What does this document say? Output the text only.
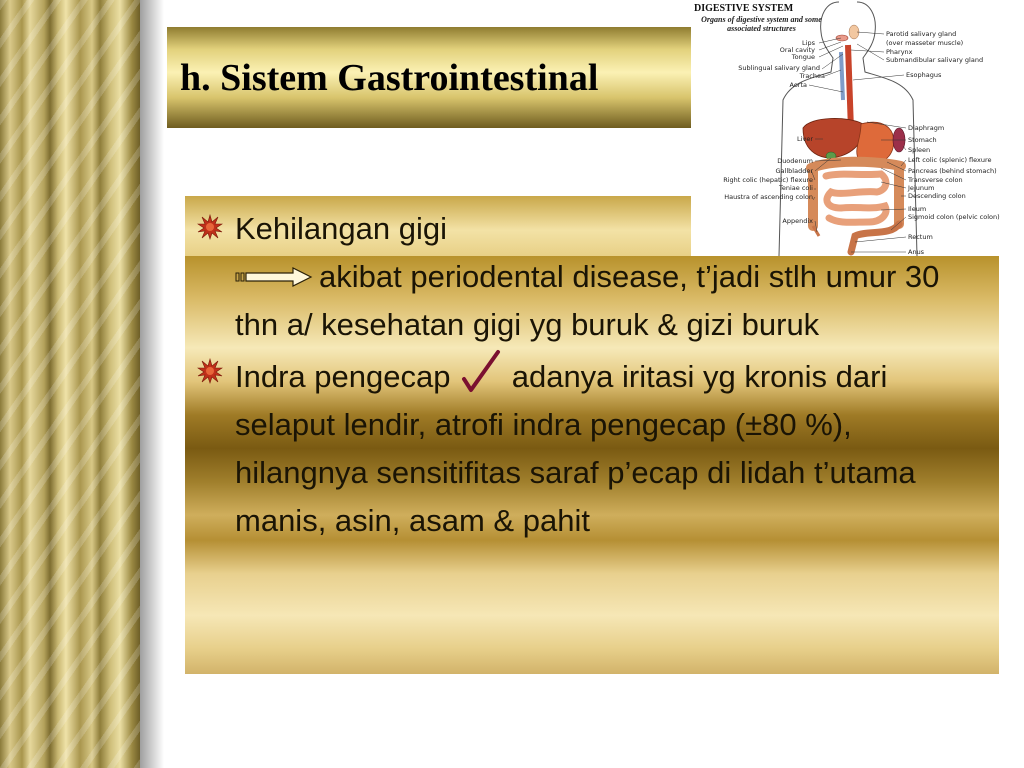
h. Sistem Gastrointestinal
Kehilangan gigi
akibat periodental disease, t’jadi stlh umur 30 thn a/ kesehatan gigi yg buruk & gizi buruk
Indra pengecap adanya iritasi yg kronis dari selaput lendir, atrofi indra pengecap (±80 %), hilangnya sensitifitas saraf p’ecap di lidah t’utama manis, asin, asam & pahit
DIGESTIVE SYSTEM
Organs of digestive system and some associated structures
Lips
Oral cavity
Tongue
Sublingual salivary gland
Trachea
Aorta
Liver
Duodenum
Gallbladder
Right colic (hepatic) flexure
Teniae coli
Haustra of ascending colon
Appendix
Parotid salivary gland
(over masseter muscle)
Pharynx
Submandibular salivary gland
Esophagus
Diaphragm
Stomach
Spleen
Left colic (splenic) flexure
Pancreas (behind stomach)
Transverse colon
Jejunum
Descending colon
Ileum
Sigmoid colon (pelvic colon)
Rectum
Anus
